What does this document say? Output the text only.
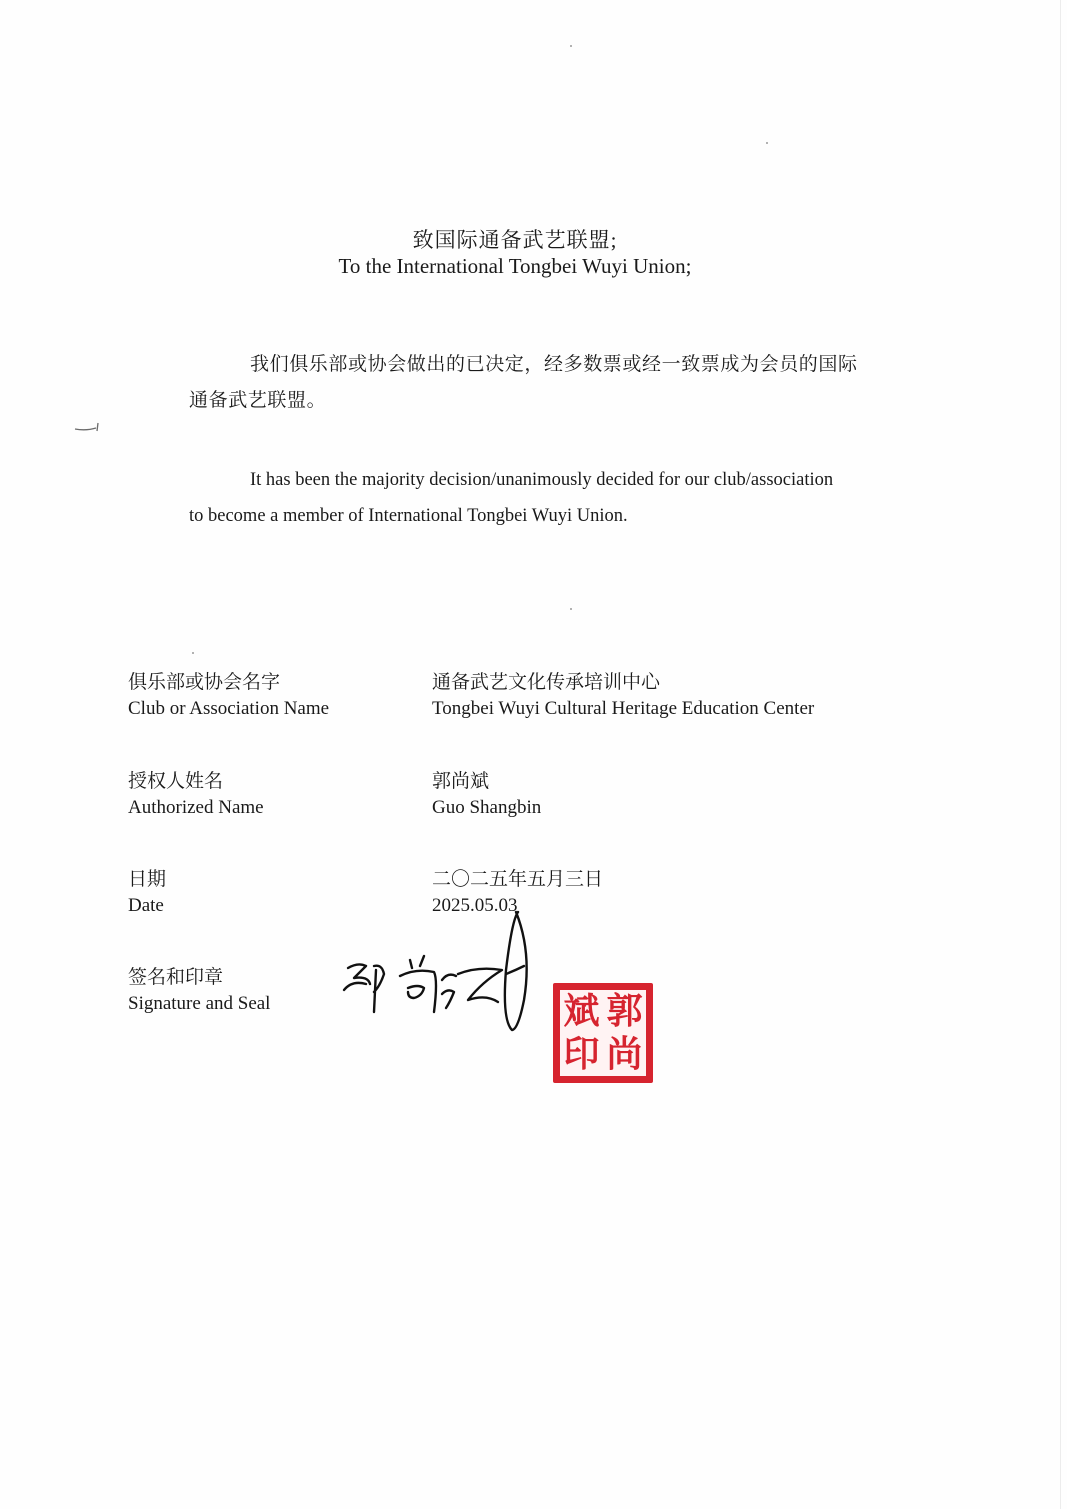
致国际通备武艺联盟;
To the International Tongbei Wuyi Union;
我们俱乐部或协会做出的已决定，经多数票或经一致票成为会员的国际
通备武艺联盟。
It has been the majority decision/unanimously decided for our club/association
to become a member of International Tongbei Wuyi Union.
俱乐部或协会名字
Club or Association Name
通备武艺文化传承培训中心
Tongbei Wuyi Cultural Heritage Education Center
授权人姓名
Authorized Name
郭尚斌
Guo Shangbin
日期
Date
二〇二五年五月三日
2025.05.03
签名和印章
Signature and Seal	郭
斌
尚
印
